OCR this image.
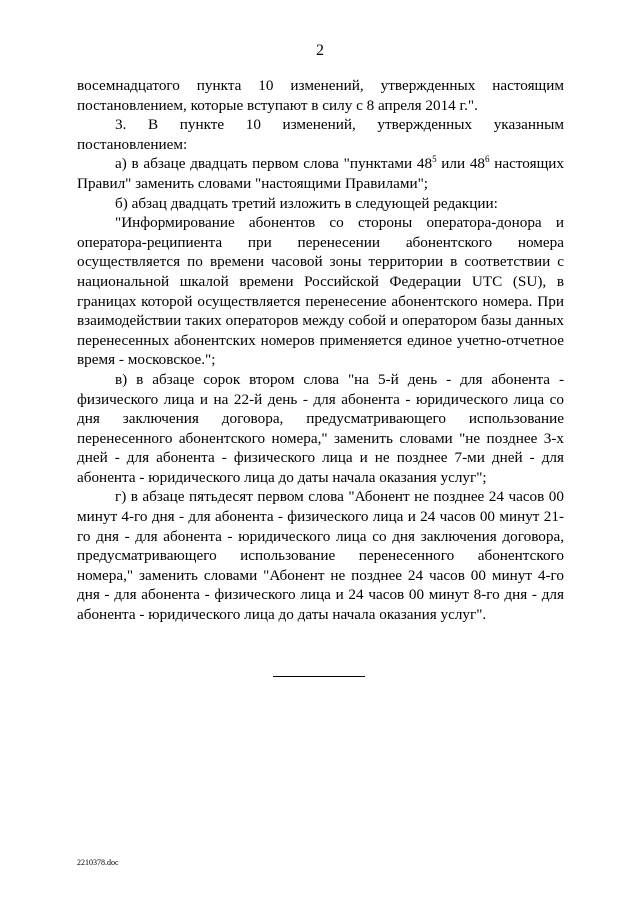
2

восемнадцатого пункта 10 изменений, утвержденных настоящим постановлением, которые вступают в силу с 8 апреля 2014 г.".

3. В пункте 10 изменений, утвержденных указанным постановлением:

а) в абзаце двадцать первом слова "пунктами $48^5$ или $48^6$ настоящих Правил" заменить словами "настоящими Правилами";

б) абзац двадцать третий изложить в следующей редакции:

"Информирование абонентов со стороны оператора-донора и оператора-реципиента при перенесении абонентского номера осуществляется по времени часовой зоны территории в соответствии с национальной шкалой времени Российской Федерации UTC (SU), в границах которой осуществляется перенесение абонентского номера. При взаимодействии таких операторов между собой и оператором базы данных перенесенных абонентских номеров применяется единое учетно-отчетное время - московское.";

в) в абзаце сорок втором слова "на 5-й день - для абонента - физического лица и на 22-й день - для абонента - юридического лица со дня заключения договора, предусматривающего использование перенесенного абонентского номера," заменить словами "не позднее 3-х дней - для абонента - физического лица и не позднее 7-ми дней - для абонента - юридического лица до даты начала оказания услуг";

г) в абзаце пятьдесят первом слова "Абонент не позднее 24 часов 00 минут 4-го дня - для абонента - физического лица и 24 часов 00 минут 21-го дня - для абонента - юридического лица со дня заключения договора, предусматривающего использование перенесенного абонентского номера," заменить словами "Абонент не позднее 24 часов 00 минут 4-го дня - для абонента - физического лица и 24 часов 00 минут 8-го дня - для абонента - юридического лица до даты начала оказания услуг".

2210378.doc
